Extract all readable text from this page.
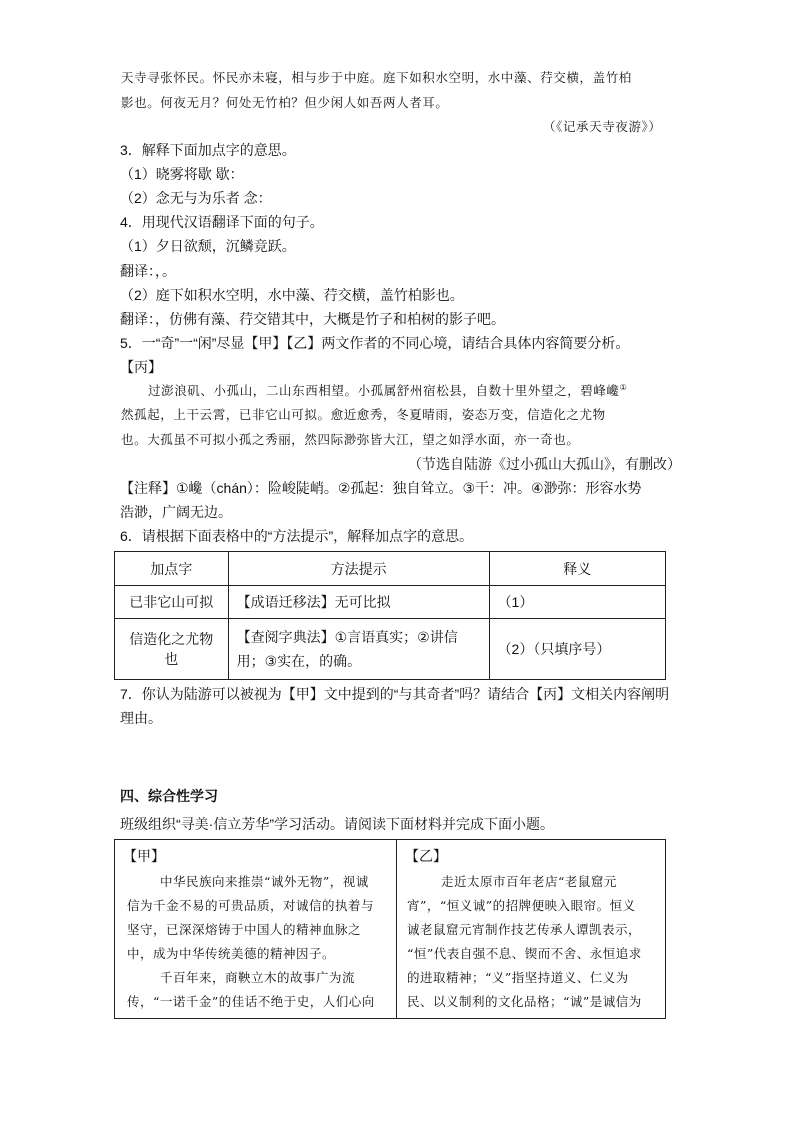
天寺寻张怀民。怀民亦未寝，相与步于中庭。庭下如积水空明，水中藻、荇交横，盖竹柏
影也。何夜无月？何处无竹柏？但少闲人如吾两人者耳。
（《记承天寺夜游》）
3．解释下面加点字的意思。
（1）晓雾将歇 歇：
（2）念无与为乐者 念：
4．用现代汉语翻译下面的句子。
（1）夕日欲颓，沉鳞竞跃。
翻译：，。
（2）庭下如积水空明，水中藻、荇交横，盖竹柏影也。
翻译：，仿佛有藻、荇交错其中，大概是竹子和柏树的影子吧。
5．一“奇”一“闲”尽显【甲】【乙】两文作者的不同心境，请结合具体内容简要分析。
【丙】
过澎浪矶、小孤山，二山东西相望。小孤属舒州宿松县，自数十里外望之，碧峰巉①
然孤起，上干云霄，已非它山可拟。愈近愈秀，冬夏晴雨，姿态万变，信造化之尤物
也。大孤虽不可拟小孤之秀丽，然四际渺弥皆大江，望之如浮水面，亦一奇也。
（节选自陆游《过小孤山大孤山》，有删改）
【注释】①巉（chán）：险峻陡峭。②孤起：独自耸立。③干：冲。④渺弥：形容水势
浩渺，广阔无边。
6．请根据下面表格中的“方法提示”，解释加点字的意思。
加点字	方法提示	释义
已非它山可拟	【成语迁移法】无可比拟	（1）
信造化之尤物也	【查阅字典法】①言语真实；②讲信用；③实在，的确。	（2）（只填序号）
7．你认为陆游可以被视为【甲】文中提到的“与其奇者”吗？请结合【丙】文相关内容阐明
理由。
四、综合性学习
班级组织“寻美·信立芳华”学习活动。请阅读下面材料并完成下面小题。
【甲】
中华民族向来推崇“诚外无物”，视诚
信为千金不易的可贵品质，对诚信的执着与
坚守，已深深熔铸于中国人的精神血脉之
中，成为中华传统美德的精神因子。
千百年来，商鞅立木的故事广为流
传，“一诺千金”的佳话不绝于史，人们心向
【乙】
走近太原市百年老店“老鼠窟元
宵”，“恒义诚”的招牌便映入眼帘。恒义
诚老鼠窟元宵制作技艺传承人谭凯表示，
“恒”代表自强不息、锲而不舍、永恒追求
的进取精神；“义”指坚持道义、仁义为
民、以义制利的文化品格；“诚”是诚信为
